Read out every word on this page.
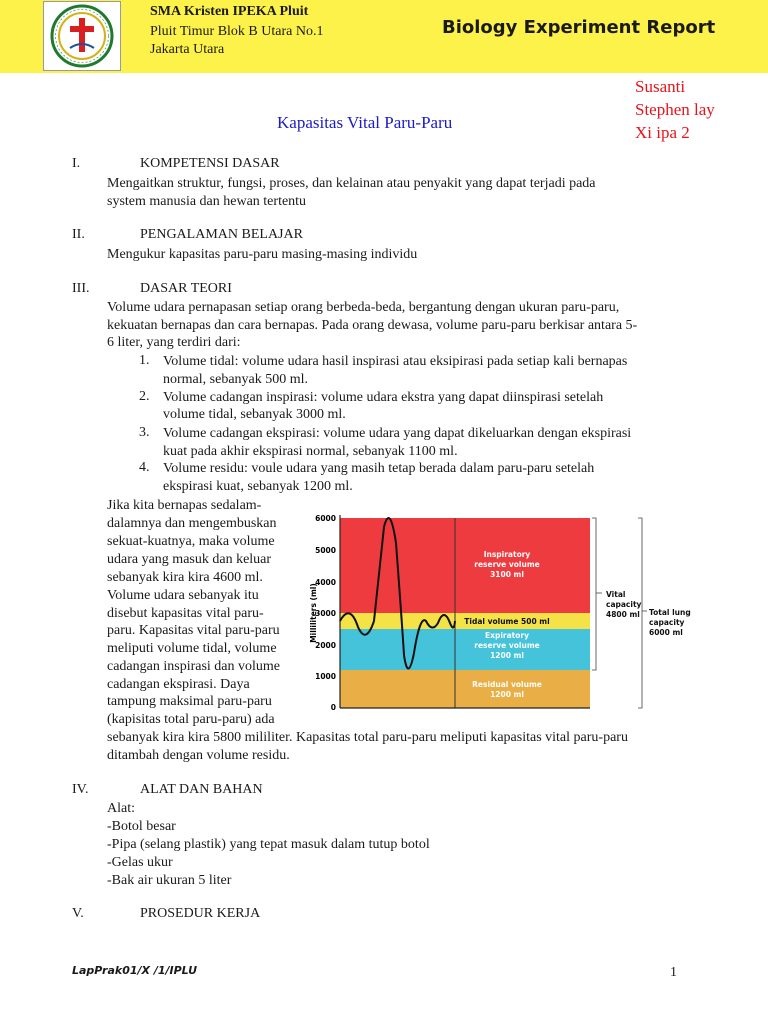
SMA Kristen IPEKA Pluit
Pluit Timur Blok B Utara No.1
Jakarta Utara
Biology Experiment Report
Susanti
Stephen lay
Xi ipa 2
Kapasitas Vital Paru-Paru
I.	KOMPETENSI DASAR
Mengaitkan struktur, fungsi, proses, dan kelainan atau penyakit yang dapat terjadi pada
system manusia dan hewan tertentu
II.	PENGALAMAN BELAJAR
Mengukur kapasitas paru-paru masing-masing individu
III.	DASAR TEORI
Volume udara pernapasan setiap orang berbeda-beda, bergantung dengan ukuran paru-paru,
kekuatan bernapas dan cara bernapas. Pada orang dewasa, volume paru-paru berkisar antara 5-
6 liter, yang terdiri dari:
1. Volume tidal: volume udara hasil inspirasi atau eksipirasi pada setiap kali bernapas
normal, sebanyak 500 ml.
2. Volume cadangan inspirasi: volume udara ekstra yang dapat diinspirasi setelah
volume tidal, sebanyak 3000 ml.
3. Volume cadangan ekspirasi: volume udara yang dapat dikeluarkan dengan ekspirasi
kuat pada akhir ekspirasi normal, sebanyak 1100 ml.
4. Volume residu: voule udara yang masih tetap berada dalam paru-paru setelah
ekspirasi kuat, sebanyak 1200 ml.
Jika kita bernapas sedalam-
dalamnya dan mengembuskan
sekuat-kuatnya, maka volume
udara yang masuk dan keluar
sebanyak kira kira 4600 ml.
Volume udara sebanyak itu
disebut kapasitas vital paru-
paru. Kapasitas vital paru-paru
meliputi volume tidal, volume
cadangan inspirasi dan volume
cadangan ekspirasi. Daya
tampung maksimal paru-paru
(kapisitas total paru-paru) ada
sebanyak kira kira 5800 mililiter. Kapasitas total paru-paru meliputi kapasitas vital paru-paru
ditambah dengan volume residu.
6000
5000
4000
3000
2000
1000
0
Milliliters (ml)
Inspiratory
reserve volume
3100 ml
Tidal volume 500 ml
Expiratory
reserve volume
1200 ml
Residual volume
1200 ml
Vital
capacity
4800 ml Total lung
capacity
6000 ml
IV.	ALAT DAN BAHAN
Alat:
-Botol besar
-Pipa (selang plastik) yang tepat masuk dalam tutup botol
-Gelas ukur
-Bak air ukuran 5 liter
V.	PROSEDUR KERJA
LapPrak01/X /1/IPLU	1
